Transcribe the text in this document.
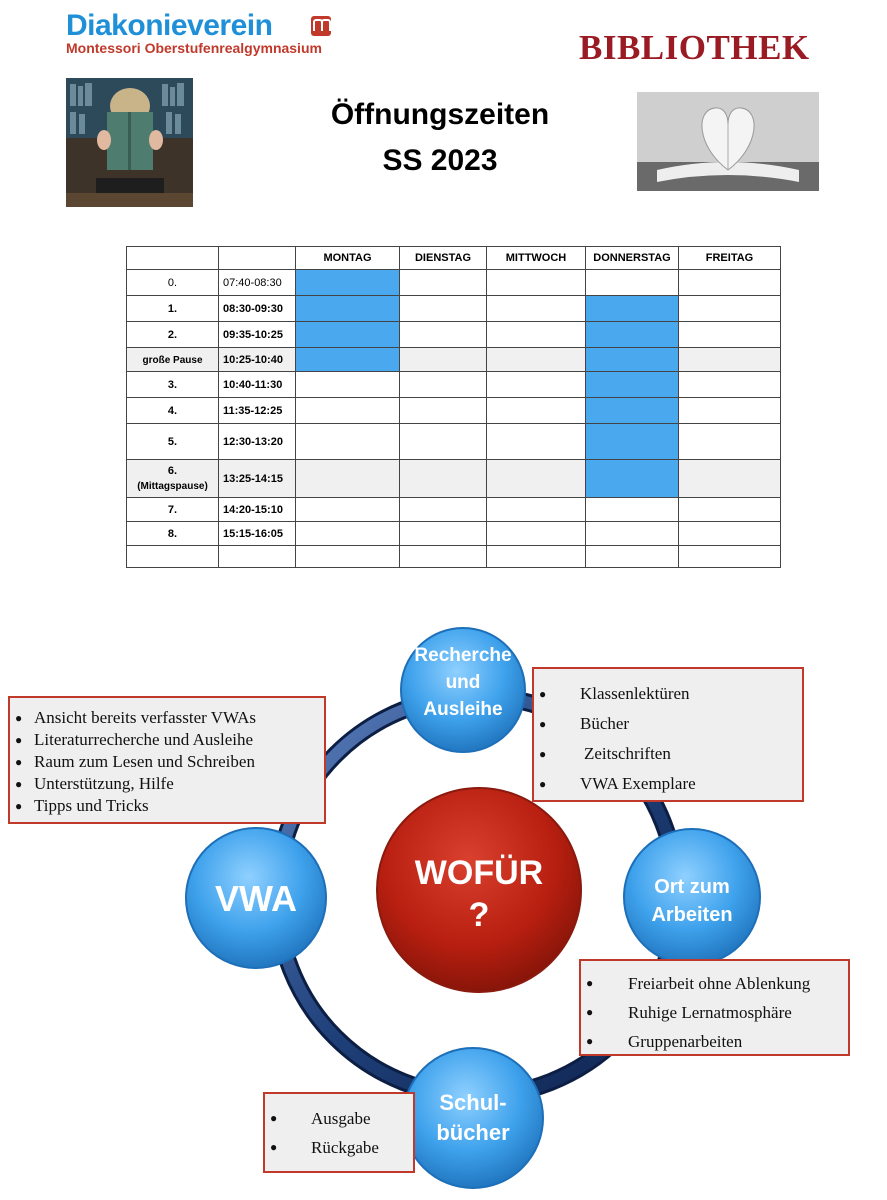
Diakonieverein
Montessori Oberstufenrealgymnasium	BIBLIOTHEK
Öffnungszeiten
SS 2023
		MONTAG	DIENSTAG	MITTWOCH	DONNERSTAG	FREITAG
0.	07:40-08:30					
1.	08:30-09:30					
2.	09:35-10:25					
große Pause	10:25-10:40					
3.	10:40-11:30					
4.	11:35-12:25					
5.	12:30-13:20					
6.
(Mittagspause)	13:25-14:15					
7.	14:20-15:10					
8.	15:15-16:05					

WOFÜR
?
Recherche
und
Ausleihe
VWA	Ort zum
Arbeiten
Schul-
bücher
● Ansicht bereits verfasster VWAs
● Literaturrecherche und Ausleihe
● Raum zum Lesen und Schreiben
● Unterstützung, Hilfe
● Tipps und Tricks
● Klassenlektüren
● Bücher
● Zeitschriften
● VWA Exemplare
● Freiarbeit ohne Ablenkung
● Ruhige Lernatmosphäre
● Gruppenarbeiten
● Ausgabe
● Rückgabe
